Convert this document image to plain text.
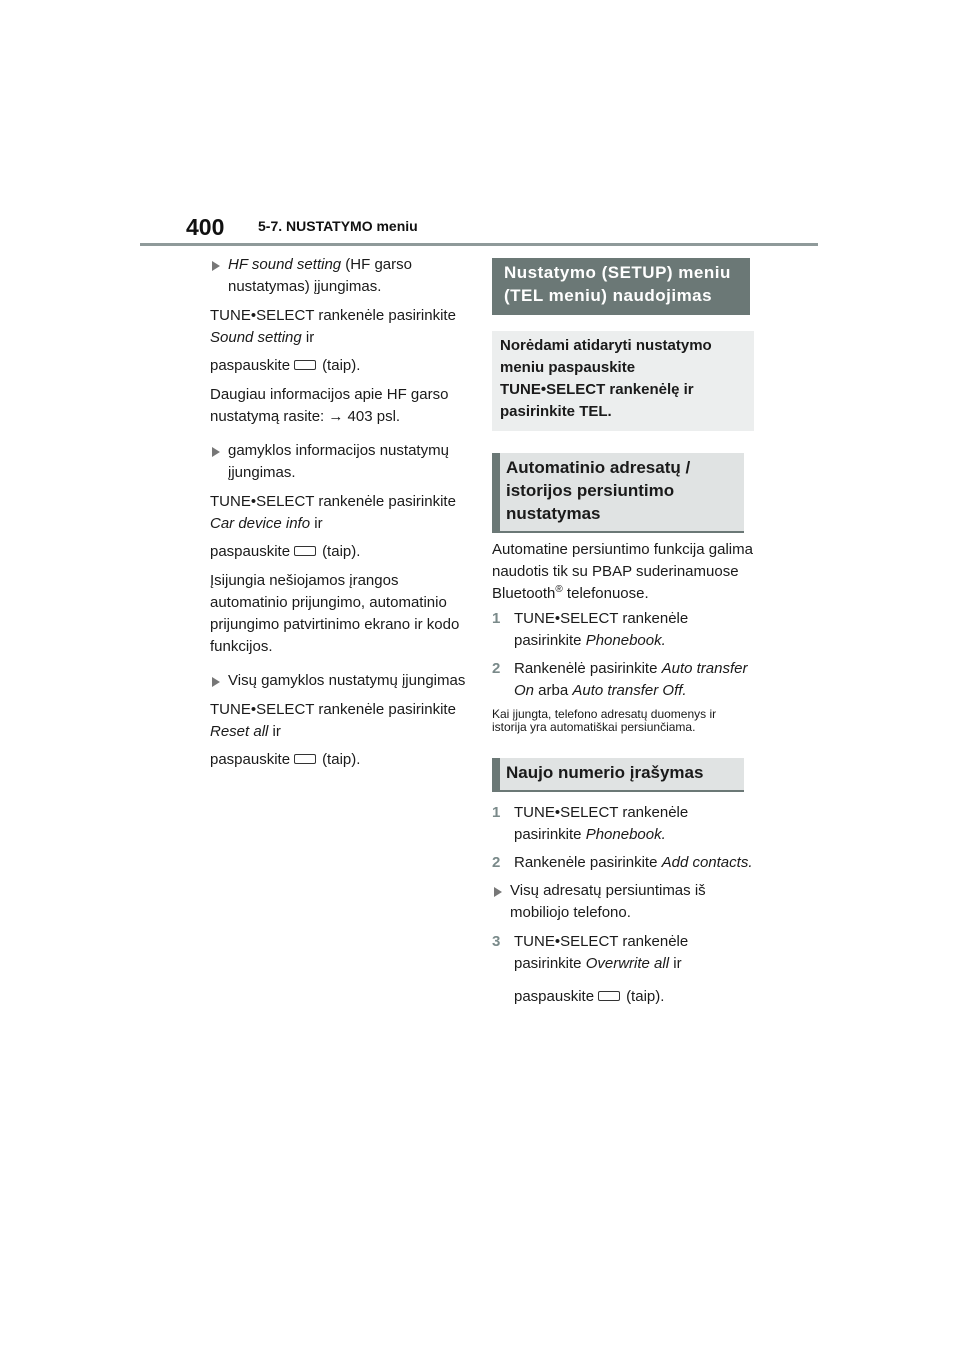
400 5-7. NUSTATYMO meniu
HF sound setting (HF garso nustatymas) įjungimas.

TUNE•SELECT rankenėle pasirinkite Sound setting ir

paspauskite (taip).

Daugiau informacijos apie HF garso nustatymą rasite: → 403 psl.

gamyklos informacijos nustatymų įjungimas.

TUNE•SELECT rankenėle pasirinkite Car device info ir

paspauskite (taip).

Įsijungia nešiojamos įrangos automatinio prijungimo, automatinio prijungimo patvirtinimo ekrano ir kodo funkcijos.

Visų gamyklos nustatymų įjungimas

TUNE•SELECT rankenėle pasirinkite Reset all ir

paspauskite (taip).

Nustatymo (SETUP) meniu (TEL meniu) naudojimas
Norėdami atidaryti nustatymo meniu paspauskite TUNE•SELECT rankenėlę ir pasirinkite TEL.
Automatinio adresatų / istorijos persiuntimo nustatymas

Automatine persiuntimo funkcija galima naudotis tik su PBAP suderinamuose Bluetooth® telefonuose.

1 TUNE•SELECT rankenėle pasirinkite Phonebook.
2 Rankenėlė pasirinkite Auto transfer On arba Auto transfer Off.

Kai įjungta, telefono adresatų duomenys ir istorija yra automatiškai persiunčiama.

Naujo numerio įrašymas
1 TUNE•SELECT rankenėle pasirinkite Phonebook.
2 Rankenėle pasirinkite Add contacts.
Visų adresatų persiuntimas iš mobiliojo telefono.
3 TUNE•SELECT rankenėle pasirinkite Overwrite all ir

paspauskite (taip).
